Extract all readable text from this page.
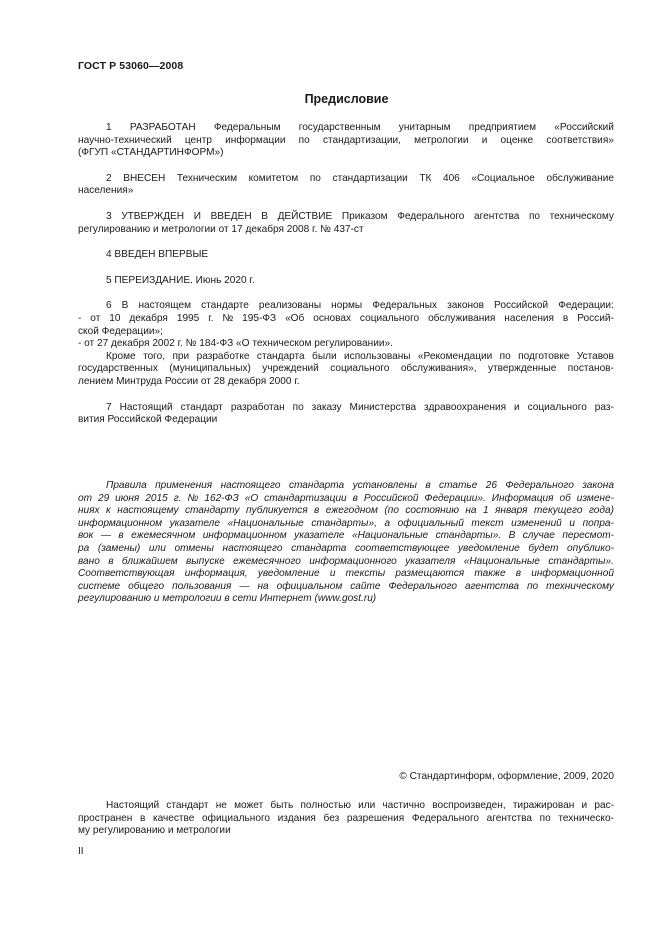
ГОСТ Р 53060—2008
Предисловие
1 РАЗРАБОТАН Федеральным государственным унитарным предприятием «Российский
научно-технический центр информации по стандартизации, метрологии и оценке соответствия»
(ФГУП «СТАНДАРТИНФОРМ»)
2 ВНЕСЕН Техническим комитетом по стандартизации ТК 406 «Социальное обслуживание
населения»
3 УТВЕРЖДЕН И ВВЕДЕН В ДЕЙСТВИЕ Приказом Федерального агентства по техническому
регулированию и метрологии от 17 декабря 2008 г. № 437-ст
4 ВВЕДЕН ВПЕРВЫЕ
5 ПЕРЕИЗДАНИЕ. Июнь 2020 г.
6 В настоящем стандарте реализованы нормы Федеральных законов Российской Федерации:
- от 10 декабря 1995 г. № 195-ФЗ «Об основах социального обслуживания населения в Россий-
ской Федерации»;
- от 27 декабря 2002 г. № 184-ФЗ «О техническом регулировании».
Кроме того, при разработке стандарта были использованы «Рекомендации по подготовке Уставов
государственных (муниципальных) учреждений социального обслуживания», утвержденные постанов-
лением Минтруда России от 28 декабря 2000 г.
7 Настоящий стандарт разработан по заказу Министерства здравоохранения и социального раз-
вития Российской Федерации
Правила применения настоящего стандарта установлены в статье 26 Федерального закона
от 29 июня 2015 г. № 162-ФЗ «О стандартизации в Российской Федерации». Информация об измене-
ниях к настоящему стандарту публикуется в ежегодном (по состоянию на 1 января текущего года)
информационном указателе «Национальные стандарты», а официальный текст изменений и попра-
вок — в ежемесячном информационном указателе «Национальные стандарты». В случае пересмот-
ра (замены) или отмены настоящего стандарта соответствующее уведомление будет опублико-
вано в ближайшем выпуске ежемесячного информационного указателя «Национальные стандарты».
Соответствующая информация, уведомление и тексты размещаются также в информационной
системе общего пользования — на официальном сайте Федерального агентства по техническому
регулированию и метрологии в сети Интернет (www.gost.ru)
© Стандартинформ, оформление, 2009, 2020
Настоящий стандарт не может быть полностью или частично воспроизведен, тиражирован и рас-
пространен в качестве официального издания без разрешения Федерального агентства по техническо-
му регулированию и метрологии
II
